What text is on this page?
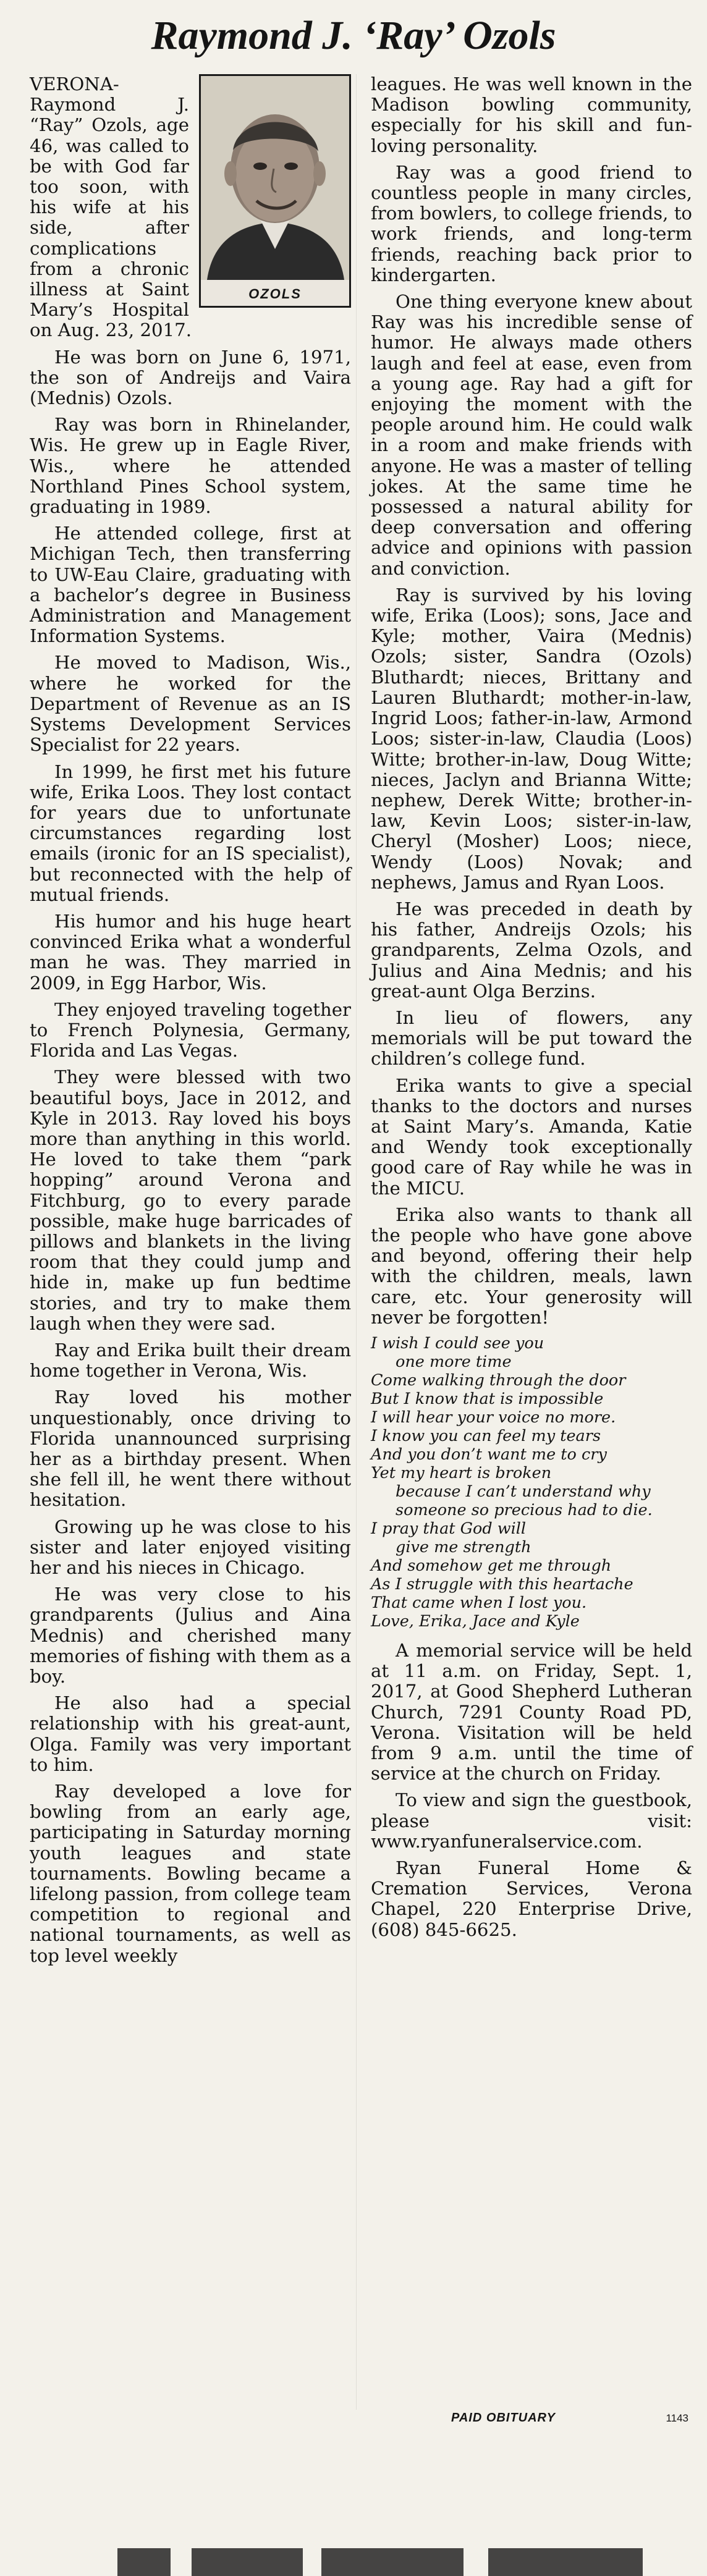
Raymond J. ‘Ray’ Ozols
OZOLS

VERONA-Raymond J. “Ray” Ozols, age 46, was called to be with God far too soon, with his wife at his side, after complications from a chronic illness at Saint Mary’s Hospital on Aug. 23, 2017.

He was born on June 6, 1971, the son of Andreijs and Vaira (Mednis) Ozols.

Ray was born in Rhinelander, Wis. He grew up in Eagle River, Wis., where he attended Northland Pines School system, graduating in 1989.

He attended college, first at Michigan Tech, then transferring to UW-Eau Claire, graduating with a bachelor’s degree in Business Administration and Management Information Systems.

He moved to Madison, Wis., where he worked for the Department of Revenue as an IS Systems Development Services Specialist for 22 years.

In 1999, he first met his future wife, Erika Loos. They lost contact for years due to unfortunate circumstances regarding lost emails (ironic for an IS specialist), but reconnected with the help of mutual friends.

His humor and his huge heart convinced Erika what a wonderful man he was. They married in 2009, in Egg Harbor, Wis.

They enjoyed traveling together to French Polynesia, Germany, Florida and Las Vegas.

They were blessed with two beautiful boys, Jace in 2012, and Kyle in 2013. Ray loved his boys more than anything in this world. He loved to take them “park hopping” around Verona and Fitchburg, go to every parade possible, make huge barricades of pillows and blankets in the living room that they could jump and hide in, make up fun bedtime stories, and try to make them laugh when they were sad.

Ray and Erika built their dream home together in Verona, Wis.

Ray loved his mother unquestionably, once driving to Florida unannounced surprising her as a birthday present. When she fell ill, he went there without hesitation.

Growing up he was close to his sister and later enjoyed visiting her and his nieces in Chicago.

He was very close to his grandparents (Julius and Aina Mednis) and cherished many memories of fishing with them as a boy.

He also had a special relationship with his great-aunt, Olga. Family was very important to him.

Ray developed a love for bowling from an early age, participating in Saturday morning youth leagues and state tournaments. Bowling became a lifelong passion, from college team competition to regional and national tournaments, as well as top level weekly

leagues. He was well known in the Madison bowling community, especially for his skill and fun-loving personality.

Ray was a good friend to countless people in many circles, from bowlers, to college friends, to work friends, and long-term friends, reaching back prior to kindergarten.

One thing everyone knew about Ray was his incredible sense of humor. He always made others laugh and feel at ease, even from a young age. Ray had a gift for enjoying the moment with the people around him. He could walk in a room and make friends with anyone. He was a master of telling jokes. At the same time he possessed a natural ability for deep conversation and offering advice and opinions with passion and conviction.

Ray is survived by his loving wife, Erika (Loos); sons, Jace and Kyle; mother, Vaira (Mednis) Ozols; sister, Sandra (Ozols) Bluthardt; nieces, Brittany and Lauren Bluthardt; mother-in-law, Ingrid Loos; father-in-law, Armond Loos; sister-in-law, Claudia (Loos) Witte; brother-in-law, Doug Witte; nieces, Jaclyn and Brianna Witte; nephew, Derek Witte; brother-in-law, Kevin Loos; sister-in-law, Cheryl (Mosher) Loos; niece, Wendy (Loos) Novak; and nephews, Jamus and Ryan Loos.

He was preceded in death by his father, Andreijs Ozols; his grandparents, Zelma Ozols, and Julius and Aina Mednis; and his great-aunt Olga Berzins.

In lieu of flowers, any memorials will be put toward the children’s college fund.

Erika wants to give a special thanks to the doctors and nurses at Saint Mary’s. Amanda, Katie and Wendy took exceptionally good care of Ray while he was in the MICU.

Erika also wants to thank all the people who have gone above and beyond, offering their help with the children, meals, lawn care, etc. Your generosity will never be forgotten!

I wish I could see you
one more time
Come walking through the door
But I know that is impossible
I will hear your voice no more.
I know you can feel my tears
And you don’t want me to cry
Yet my heart is broken
because I can’t understand why
someone so precious had to die.
I pray that God will
give me strength
And somehow get me through
As I struggle with this heartache
That came when I lost you.
Love, Erika, Jace and Kyle

A memorial service will be held at 11 a.m. on Friday, Sept. 1, 2017, at Good Shepherd Lutheran Church, 7291 County Road PD, Verona. Visitation will be held from 9 a.m. until the time of service at the church on Friday.

To view and sign the guestbook, please visit: www.ryanfuneralservice.com.

Ryan Funeral Home & Cremation Services, Verona Chapel, 220 Enterprise Drive, (608) 845-6625.

PAID OBITUARY	1143
